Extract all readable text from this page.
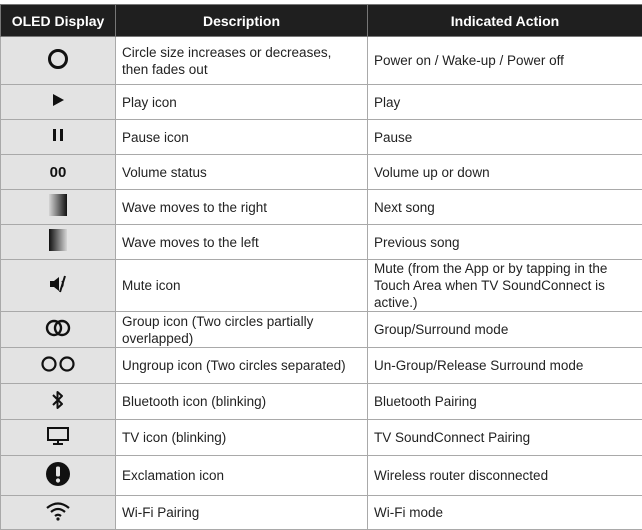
OLED Display	Description	Indicated Action

	Circle size increases or decreases, then fades out	Power on / Wake-up / Power off

	Play icon	Play

	Pause icon	Pause
00	Volume status	Volume up or down

	Wave moves to the right	Next song

	Wave moves to the left	Previous song

	Mute icon	Mute (from the App or by tapping in the Touch Area when TV SoundConnect is active.)

	Group icon (Two circles partially overlapped)	Group/Surround mode

	Ungroup icon (Two circles separated)	Un-Group/Release Surround mode

	Bluetooth icon (blinking)	Bluetooth Pairing

	TV icon (blinking)	TV SoundConnect Pairing

	Exclamation icon	Wireless router disconnected

	Wi-Fi Pairing	Wi-Fi mode
